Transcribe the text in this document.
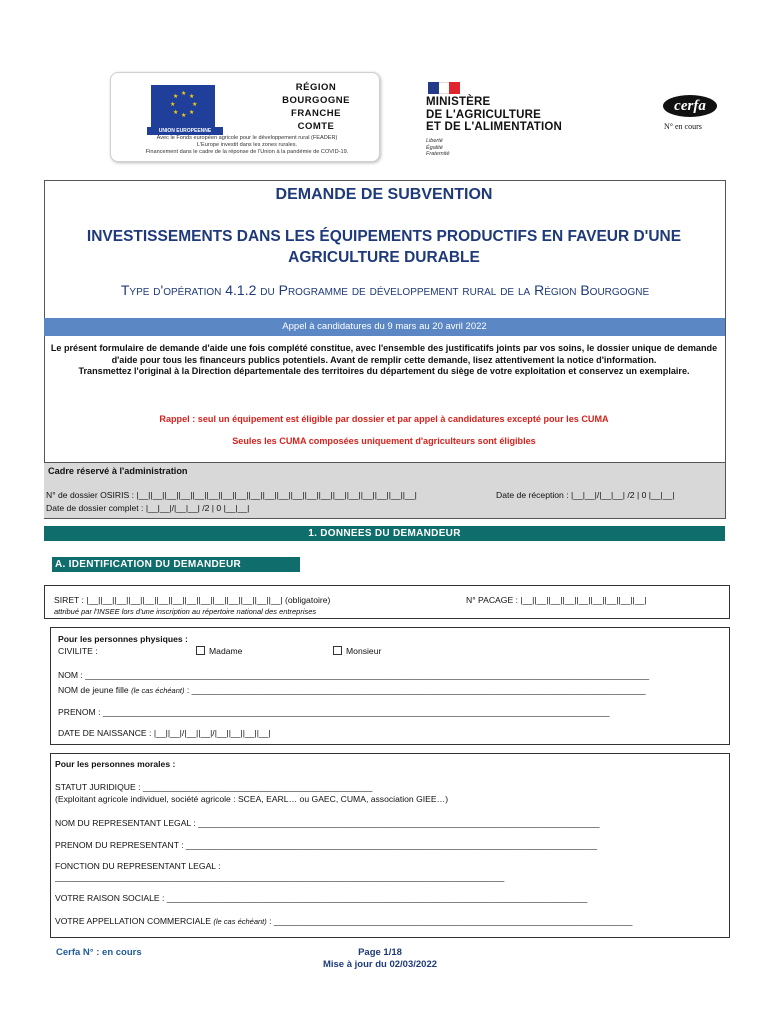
★ ★
★
★
★
★
★
★
UNION EUROPEENNE
RÉGION
BOURGOGNE
FRANCHE
COMTE
Avec le Fonds européen agricole pour le développement rural (FEADER)
L'Europe investit dans les zones rurales.
Financement dans le cadre de la réponse de l'Union à la pandémie de COVID-19.
MINISTÈRE
DE L'AGRICULTURE
ET DE L'ALIMENTATION
Liberté
Égalité
Fraternité
cerfa
N° en cours
DEMANDE DE SUBVENTION
INVESTISSEMENTS DANS LES ÉQUIPEMENTS PRODUCTIFS EN FAVEUR D'UNE AGRICULTURE DURABLE
Type d'opération 4.1.2 du Programme de développement rural de la Région Bourgogne
Appel à candidatures du 9 mars au 20 avril 2022
Le présent formulaire de demande d'aide une fois complété constitue, avec l'ensemble des justificatifs joints par vos soins, le dossier unique de demande d'aide pour tous les financeurs publics potentiels. Avant de remplir cette demande, lisez attentivement la notice d'information.
Transmettez l'original à la Direction départementale des territoires du département du siège de votre exploitation et conservez un exemplaire.
Rappel : seul un équipement est éligible par dossier et par appel à candidatures excepté pour les CUMA
Seules les CUMA composées uniquement d'agriculteurs sont éligibles
Cadre réservé à l'administration
N° de dossier OSIRIS : |__||__||__||__||__||__||__||__||__||__||__||__||__||__||__||__||__||__||__||__|	Date de réception : |__|__|/|__|__| /2 | 0 |__|__|
Date de dossier complet : |__|__|/|__|__| /2 | 0 |__|__|
1. DONNEES DU DEMANDEUR
A. IDENTIFICATION DU DEMANDEUR
SIRET : |__||__||__||__||__||__||__||__||__||__||__||__||__||__| (obligatoire)
attribué par l'INSEE lors d'une inscription au répertoire national des entreprises
N° PACAGE : |__||__||__||__||__||__||__||__||__|
Pour les personnes physiques :
CIVILITE :	Madame	Monsieur
NOM : ______________________________________________________________________________________________________________________
NOM de jeune fille (le cas échéant) : _______________________________________________________________________________________________
PRENOM : __________________________________________________________________________________________________________
DATE DE NAISSANCE : |__||__|/|__||__|/|__||__||__||__|
Pour les personnes morales :
STATUT JURIDIQUE : ________________________________________________
(Exploitant agricole individuel, société agricole : SCEA, EARL… ou GAEC, CUMA, association GIEE…)
NOM DU REPRESENTANT LEGAL : ____________________________________________________________________________________
PRENOM DU REPRESENTANT : ______________________________________________________________________________________
FONCTION DU REPRESENTANT LEGAL :
______________________________________________________________________________________________
VOTRE RAISON SOCIALE : ________________________________________________________________________________________
VOTRE APPELLATION COMMERCIALE (le cas échéant) : ___________________________________________________________________________
Cerfa N° : en cours	Page 1/18
Mise à jour du 02/03/2022
